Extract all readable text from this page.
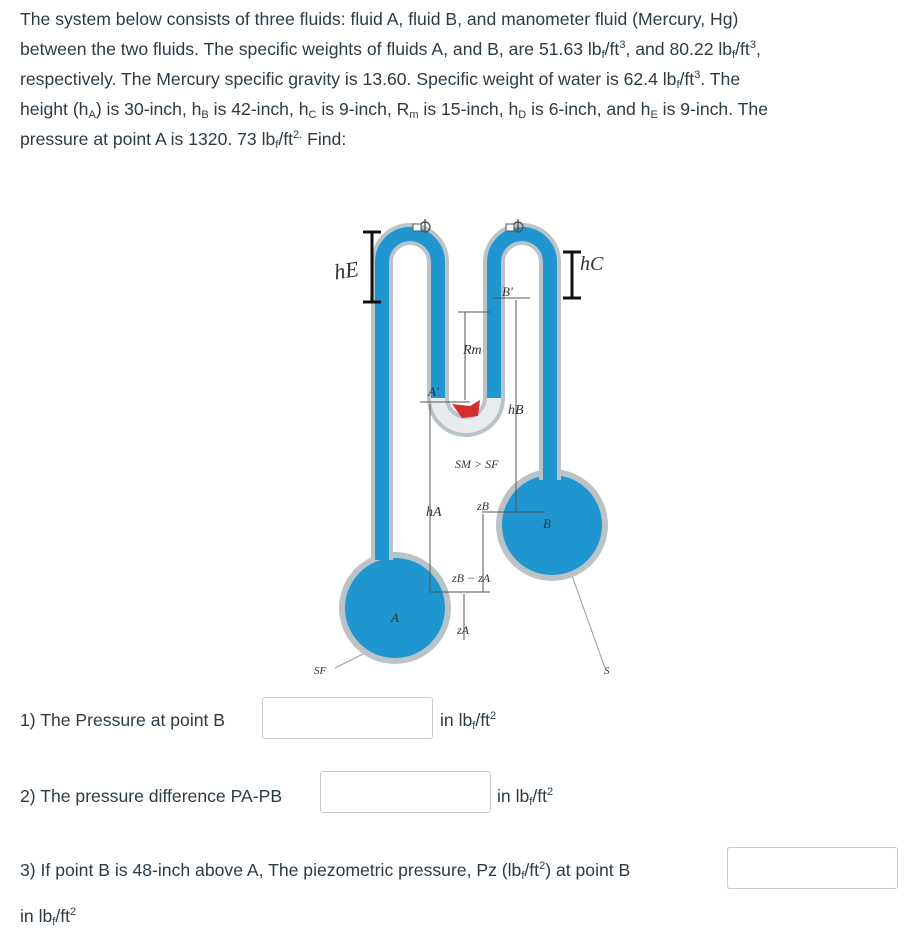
The system below consists of three fluids: fluid A, fluid B, and manometer fluid (Mercury, Hg)
between the two fluids. The specific weights of fluids A, and B, are 51.63 $lb_f/ft^3$, and 80.22 $lb_f/ft^3$,
respectively. The Mercury specific gravity is 13.60. Specific weight of water is 62.4 $lb_f/ft^3$. The
height $(h_A)$ is 30-inch, $h_B$ is 42-inch, $h_C$ is 9-inch, $R_m$ is 15-inch, $h_D$ is 6-inch, and $h_E$ is 9-inch. The
pressure at point A is 1320. 73 $lb_f/ft^{2.}$ Find:
hE	hC
B'
Rm
A'
hB
SM > SF
hA	zB
B
zB − zA
zA
A
SF	S
1) The Pressure at point B	in $lb_f/ft^2$
2) The pressure difference PA-PB	in $lb_f/ft^2$
3) If point B is 48-inch above A, The piezometric pressure, Pz $(lb_f/ft^2)$ at point B
in $lb_f/ft^2$
